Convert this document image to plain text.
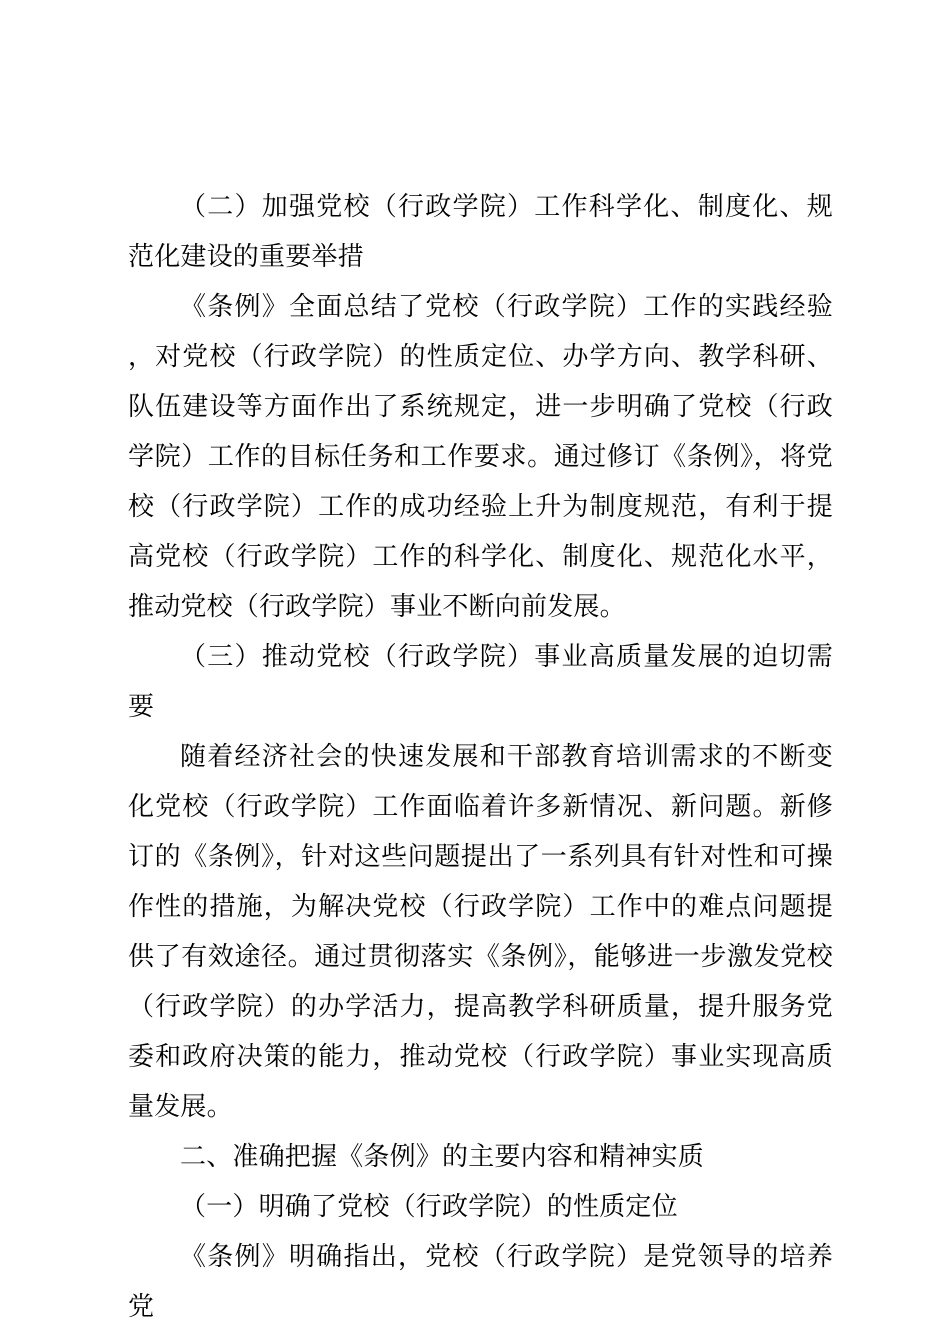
（二）加强党校（行政学院）工作科学化、制度化、规范化建设的重要举措

《条例》全面总结了党校（行政学院）工作的实践经验，对党校（行政学院）的性质定位、办学方向、教学科研、队伍建设等方面作出了系统规定，进一步明确了党校（行政学院）工作的目标任务和工作要求。通过修订《条例》，将党校（行政学院）工作的成功经验上升为制度规范，有利于提高党校（行政学院）工作的科学化、制度化、规范化水平，推动党校（行政学院）事业不断向前发展。

（三）推动党校（行政学院）事业高质量发展的迫切需要

随着经济社会的快速发展和干部教育培训需求的不断变化党校（行政学院）工作面临着许多新情况、新问题。新修订的《条例》，针对这些问题提出了一系列具有针对性和可操作性的措施，为解决党校（行政学院）工作中的难点问题提供了有效途径。通过贯彻落实《条例》，能够进一步激发党校（行政学院）的办学活力，提高教学科研质量，提升服务党委和政府决策的能力，推动党校（行政学院）事业实现高质量发展。

二、准确把握《条例》的主要内容和精神实质

（一）明确了党校（行政学院）的性质定位

《条例》明确指出，党校（行政学院）是党领导的培养党
